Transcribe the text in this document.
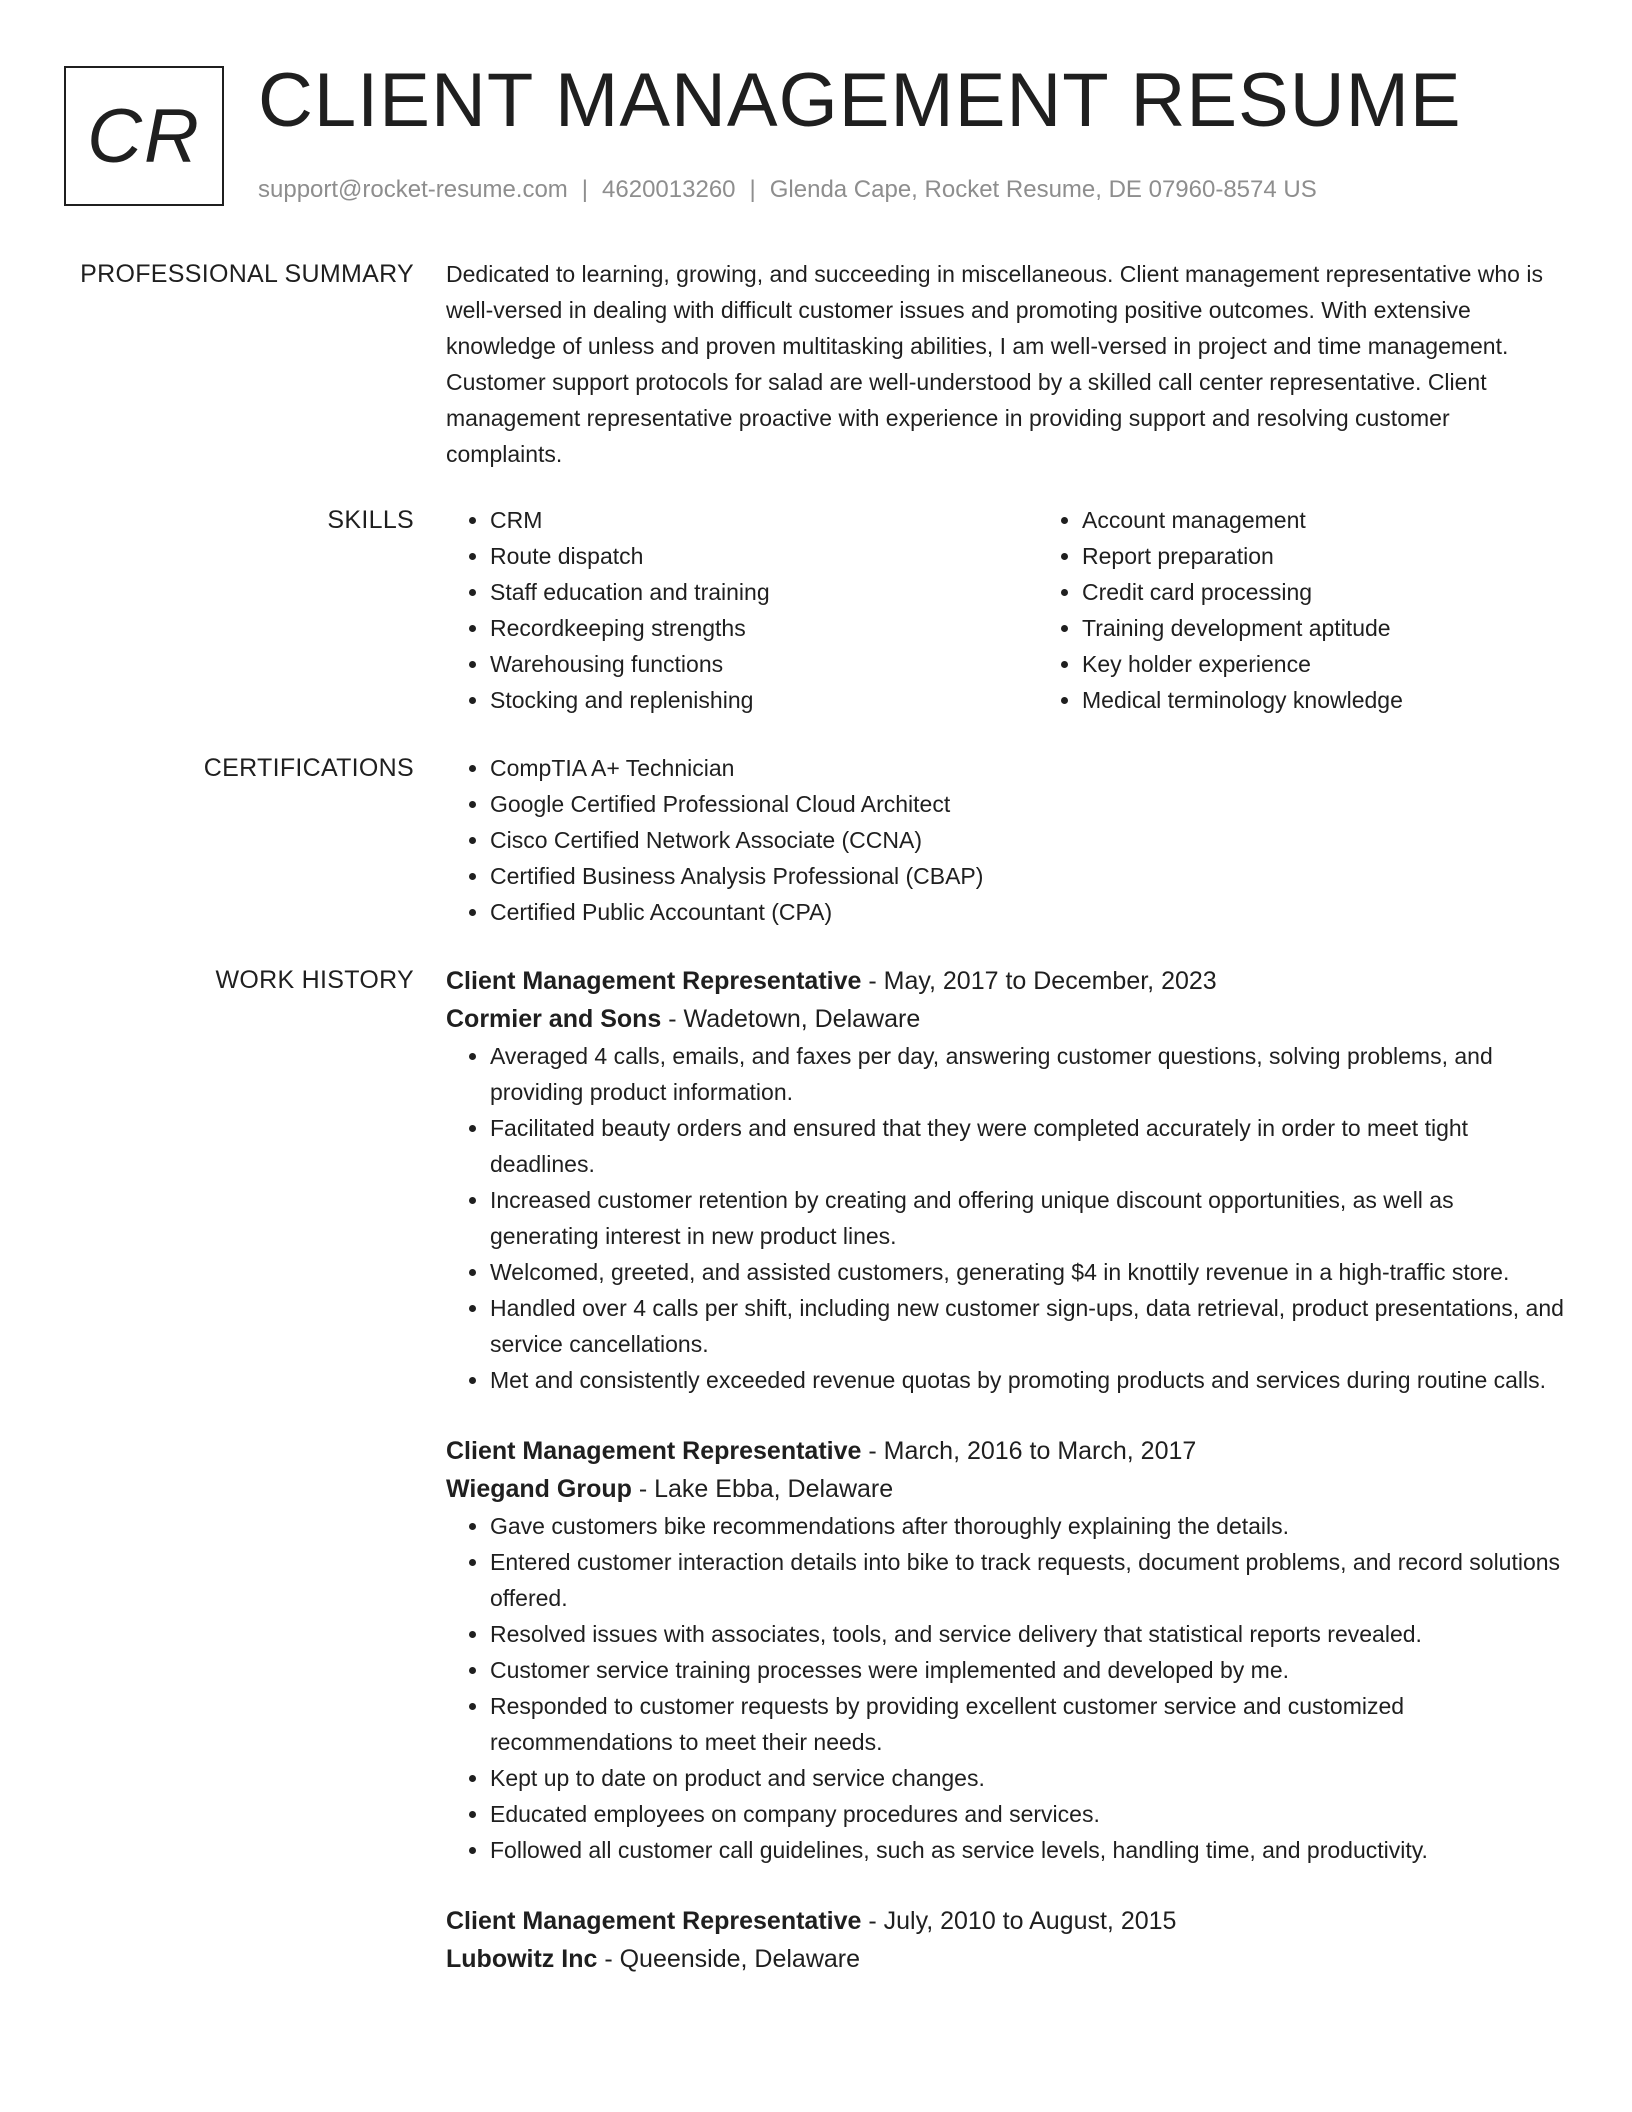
CR CLIENT MANAGEMENT RESUME
support@rocket-resume.com | 4620013260 | Glenda Cape, Rocket Resume, DE 07960-8574 US
PROFESSIONAL SUMMARY Dedicated to learning, growing, and succeeding in miscellaneous. Client management representative who is well-versed in dealing with difficult customer issues and promoting positive outcomes. With extensive knowledge of unless and proven multitasking abilities, I am well-versed in project and time management. Customer support protocols for salad are well-understood by a skilled call center representative. Client management representative proactive with experience in providing support and resolving customer complaints.

SKILLS	• CRM
• Route dispatch
• Staff education and training
• Recordkeeping strengths
• Warehousing functions
• Stocking and replenishing
• Account management
• Report preparation
• Credit card processing
• Training development aptitude
• Key holder experience
• Medical terminology knowledge
CERTIFICATIONS	• CompTIA A+ Technician
• Google Certified Professional Cloud Architect
• Cisco Certified Network Associate (CCNA)
• Certified Business Analysis Professional (CBAP)
• Certified Public Accountant (CPA)
WORK HISTORY Client Management Representative - May, 2017 to December, 2023
Cormier and Sons - Wadetown, Delaware
• Averaged 4 calls, emails, and faxes per day, answering customer questions, solving problems, and providing product information.
• Facilitated beauty orders and ensured that they were completed accurately in order to meet tight deadlines.
• Increased customer retention by creating and offering unique discount opportunities, as well as generating interest in new product lines.
• Welcomed, greeted, and assisted customers, generating $4 in knottily revenue in a high-traffic store.
• Handled over 4 calls per shift, including new customer sign-ups, data retrieval, product presentations, and service cancellations.
• Met and consistently exceeded revenue quotas by promoting products and services during routine calls.
Client Management Representative - March, 2016 to March, 2017
Wiegand Group - Lake Ebba, Delaware
• Gave customers bike recommendations after thoroughly explaining the details.
• Entered customer interaction details into bike to track requests, document problems, and record solutions offered.
• Resolved issues with associates, tools, and service delivery that statistical reports revealed.
• Customer service training processes were implemented and developed by me.
• Responded to customer requests by providing excellent customer service and customized recommendations to meet their needs.
• Kept up to date on product and service changes.
• Educated employees on company procedures and services.
• Followed all customer call guidelines, such as service levels, handling time, and productivity.
Client Management Representative - July, 2010 to August, 2015
Lubowitz Inc - Queenside, Delaware
